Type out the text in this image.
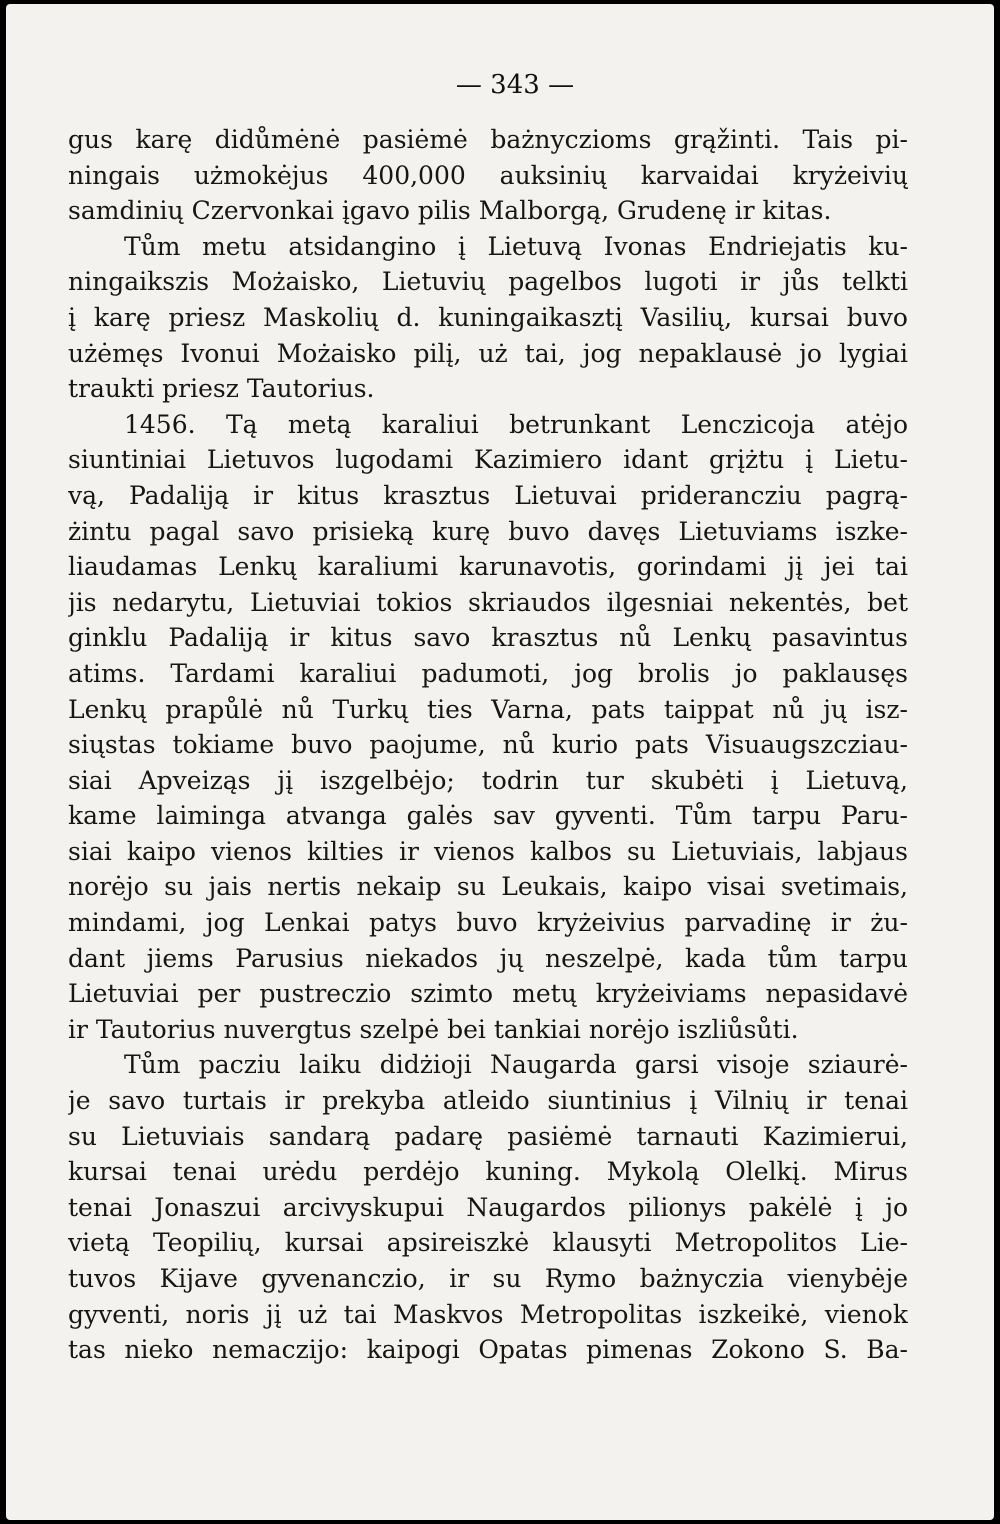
— 343 —
gus karę didůmėnė pasiėmė bażnyczioms grąžinti. Tais pi-
ningais użmokėjus 400,000 auksinių karvaidai kryżeivių
samdinių Czervonkai įgavo pilis Malborgą, Grudenę ir kitas.
Tům metu atsidangino į Lietuvą Ivonas Endriejatis ku-
ningaikszis Możaisko, Lietuvių pagelbos lugoti ir jůs telkti
į karę priesz Maskolių d. kuningaikasztį Vasilių, kursai buvo
użėmęs Ivonui Możaisko pilį, uż tai, jog nepaklausė jo lygiai
traukti priesz Tautorius.
1456. Tą metą karaliui betrunkant Lenczicoja atėjo
siuntiniai Lietuvos lugodami Kazimiero idant grįżtu į Lietu-
vą, Padaliją ir kitus krasztus Lietuvai priderancziu pagrą-
żintu pagal savo prisieką kurę buvo davęs Lietuviams iszke-
liaudamas Lenkų karaliumi karunavotis, gorindami jį jei tai
jis nedarytu, Lietuviai tokios skriaudos ilgesniai nekentės, bet
ginklu Padaliją ir kitus savo krasztus nů Lenkų pasavintus
atims. Tardami karaliui padumoti, jog brolis jo paklausęs
Lenkų prapůlė nů Turkų ties Varna, pats taippat nů jų isz-
siųstas tokiame buvo paojume, nů kurio pats Visuaugszcziau-
siai Apveiząs jį iszgelbėjo; todrin tur skubėti į Lietuvą,
kame laiminga atvanga galės sav gyventi. Tům tarpu Paru-
siai kaipo vienos kilties ir vienos kalbos su Lietuviais, labjaus
norėjo su jais nertis nekaip su Leukais, kaipo visai svetimais,
mindami, jog Lenkai patys buvo kryżeivius parvadinę ir żu-
dant jiems Parusius niekados jų neszelpė, kada tům tarpu
Lietuviai per pustreczio szimto metų kryżeiviams nepasidavė
ir Tautorius nuvergtus szelpė bei tankiai norėjo iszliůsůti.
Tům pacziu laiku didżioji Naugarda garsi visoje sziaurė-
je savo turtais ir prekyba atleido siuntinius į Vilnių ir tenai
su Lietuviais sandarą padarę pasiėmė tarnauti Kazimierui,
kursai tenai urėdu perdėjo kuning. Mykolą Olelkį. Mirus
tenai Jonaszui arcivyskupui Naugardos pilionys pakėlė į jo
vietą Teopilių, kursai apsireiszkė klausyti Metropolitos Lie-
tuvos Kijave gyvenanczio, ir su Rymo bażnyczia vienybėje
gyventi, noris jį uż tai Maskvos Metropolitas iszkeikė, vienok
tas nieko nemaczijo: kaipogi Opatas pimenas Zokono S. Ba-
